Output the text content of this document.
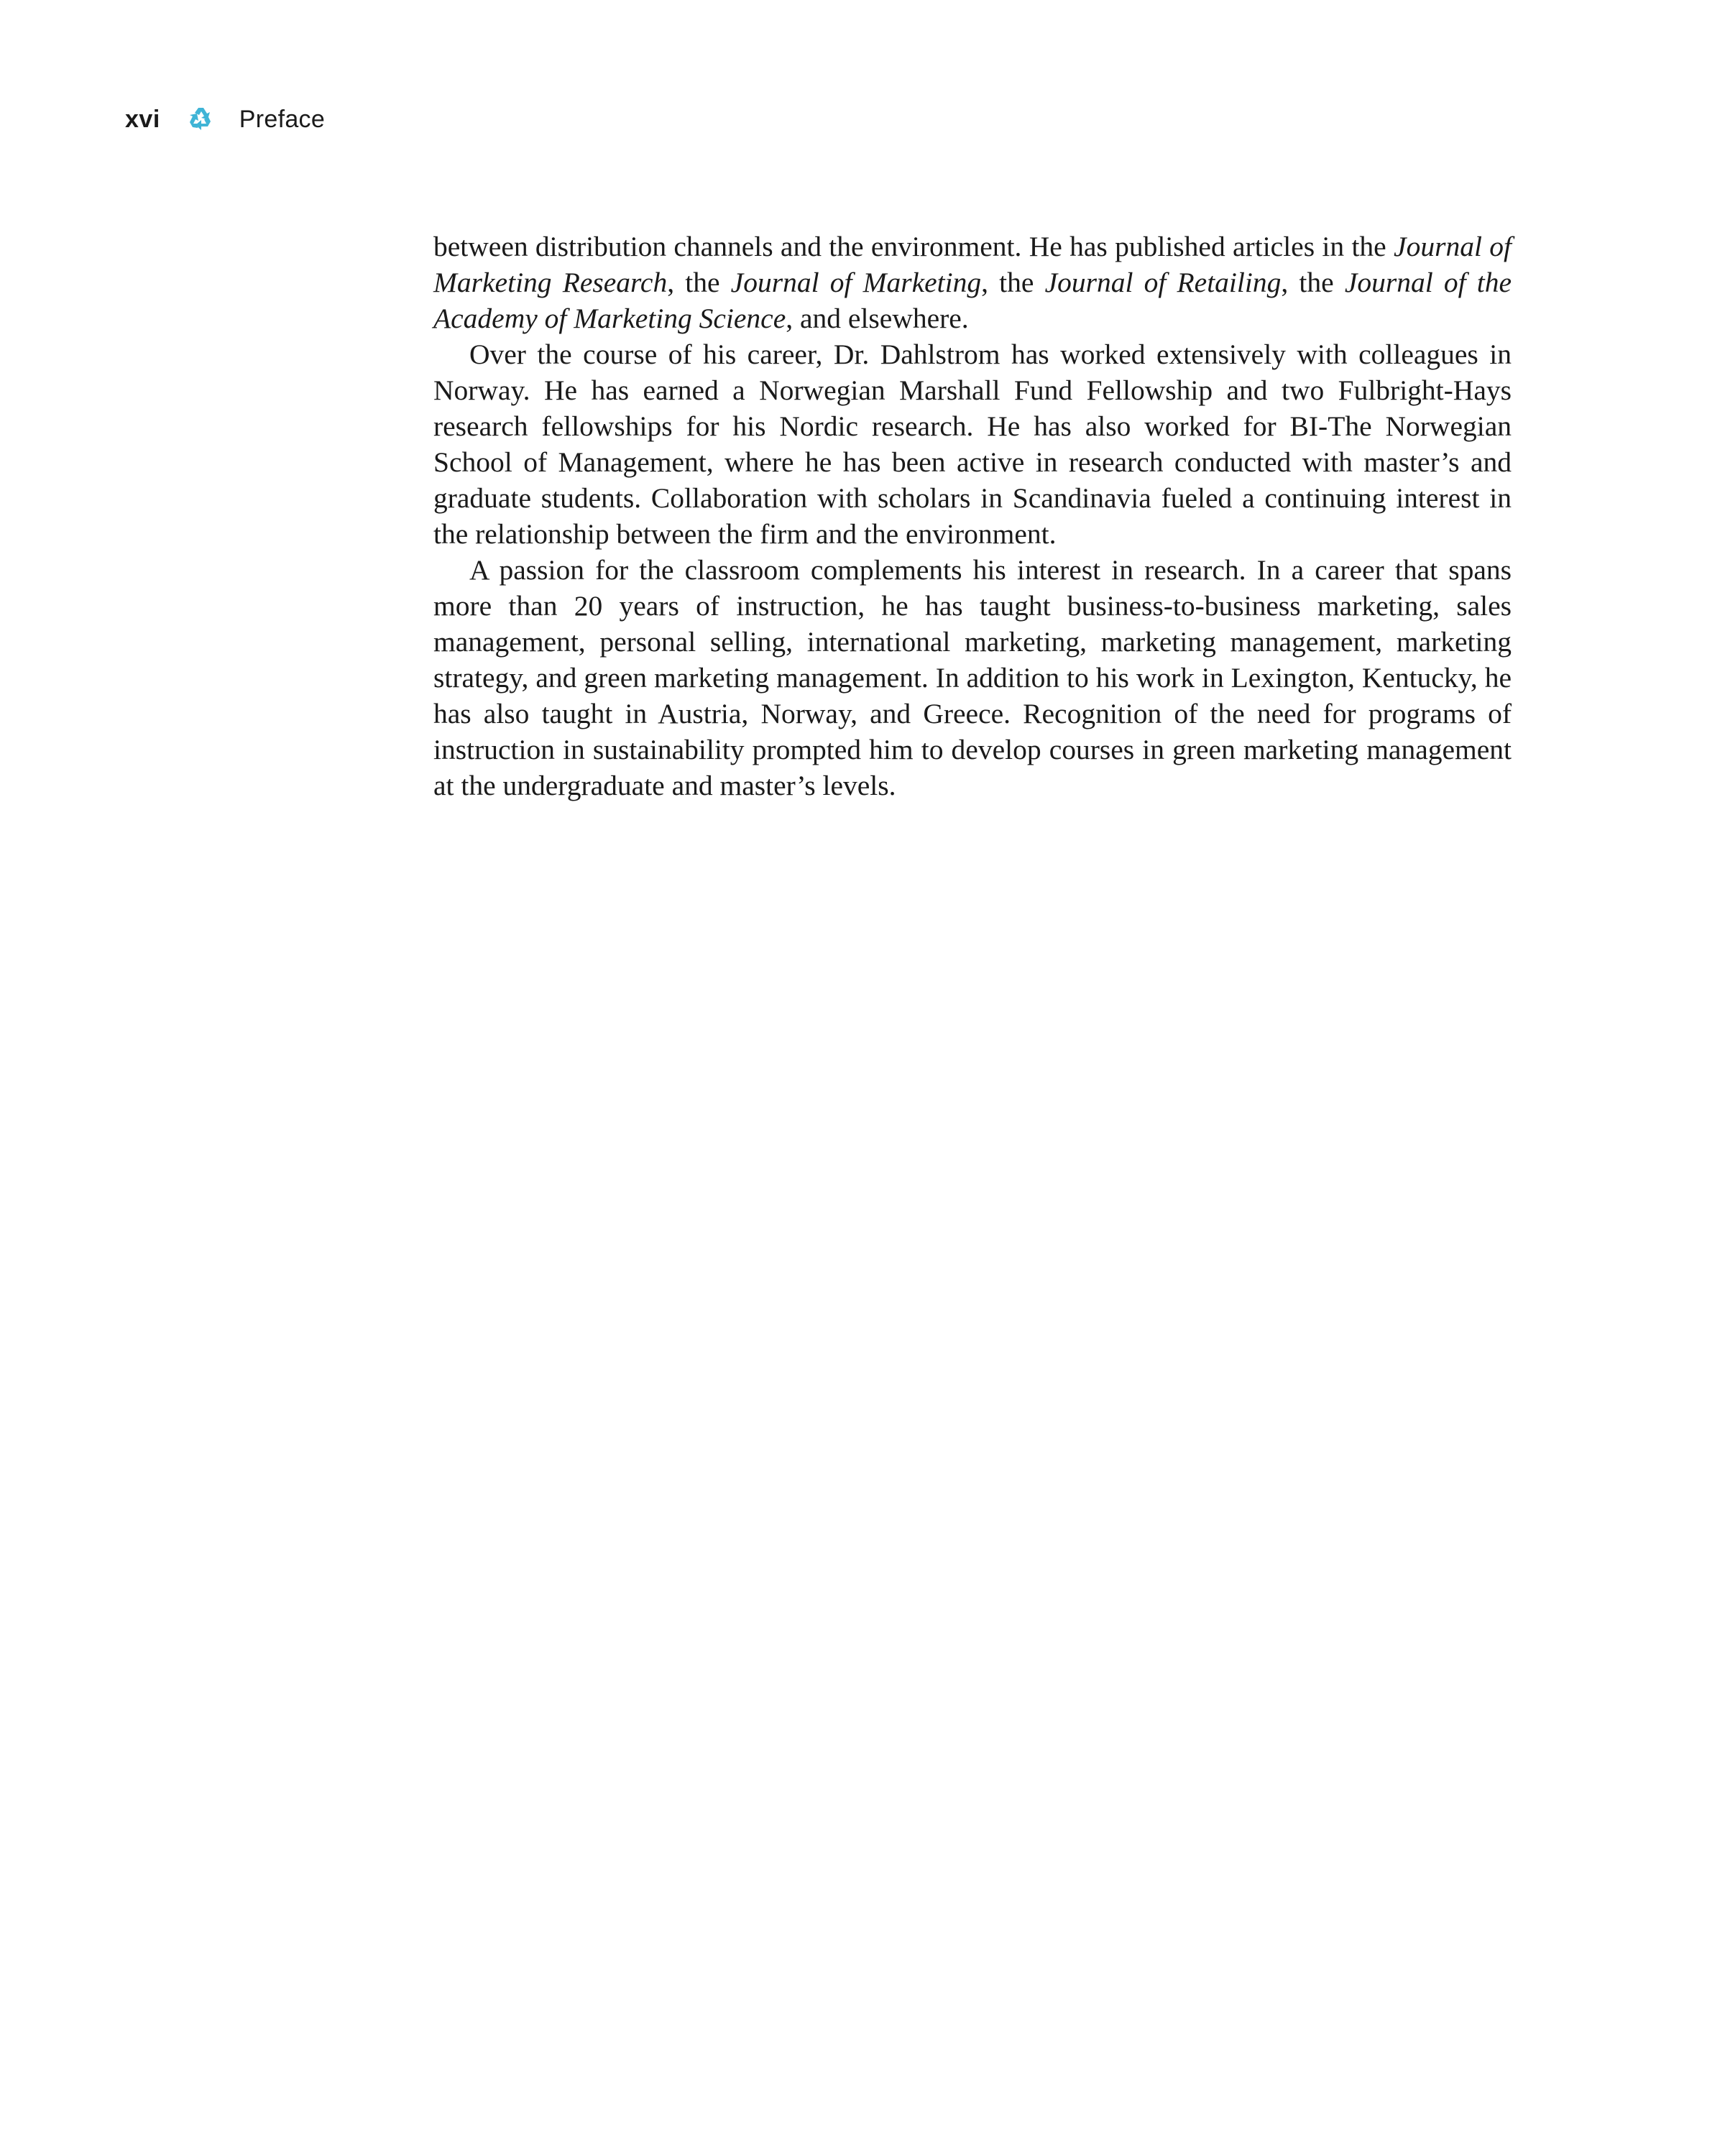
xvi	Preface

between distribution channels and the environment. He has published articles in the Journal of Marketing Research, the Journal of Marketing, the Journal of Retailing, the Journal of the Academy of Marketing Science, and elsewhere.

Over the course of his career, Dr. Dahlstrom has worked extensively with colleagues in Norway. He has earned a Norwegian Marshall Fund Fellowship and two Fulbright-Hays research fellowships for his Nordic research. He has also worked for BI-The Norwegian School of Management, where he has been active in research conducted with master’s and graduate students. Collaboration with scholars in Scandinavia fueled a continuing interest in the relationship between the firm and the environment.

A passion for the classroom complements his interest in research. In a career that spans more than 20 years of instruction, he has taught business-to-business marketing, sales management, personal selling, international marketing, marketing management, marketing strategy, and green marketing management. In addition to his work in Lexington, Kentucky, he has also taught in Austria, Norway, and Greece. Recognition of the need for programs of instruction in sustainability prompted him to develop courses in green marketing management at the undergraduate and master’s levels.
